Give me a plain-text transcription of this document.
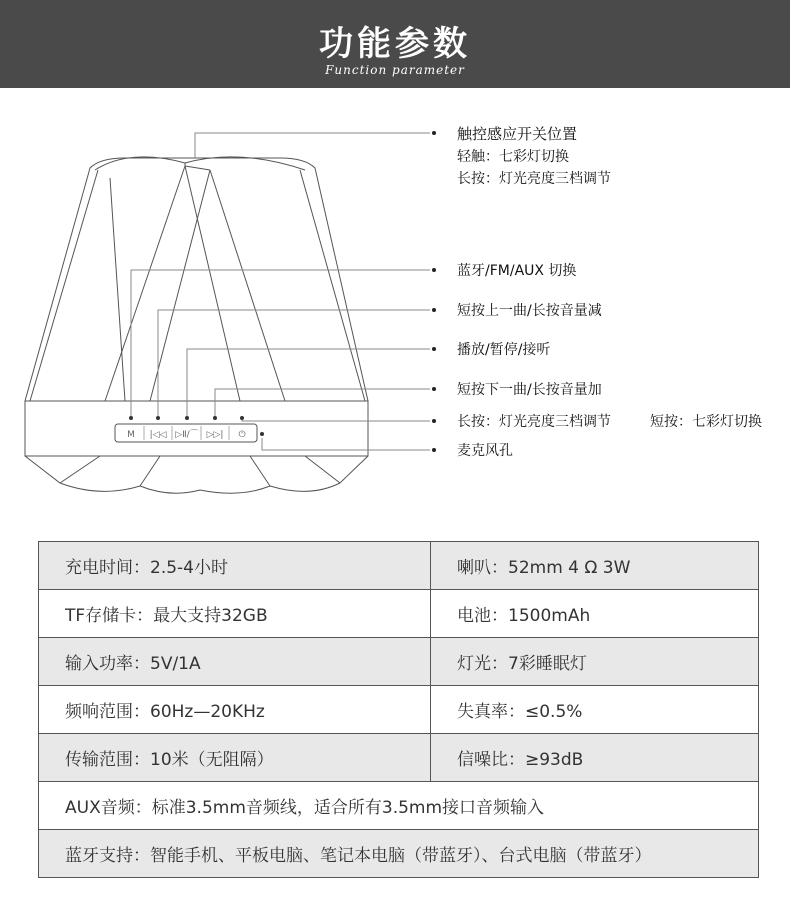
功能参数
Function parameter
M |◁◁ ▷Ⅱ/⌒ ▷▷| ⏻
触控感应开关位置
轻触：七彩灯切换
长按：灯光亮度三档调节
蓝牙/FM/AUX 切换
短按上一曲/长按音量减
播放/暂停/接听
短按下一曲/长按音量加
长按：灯光亮度三档调节	短按：七彩灯切换
麦克风孔
充电时间：2.5-4小时	喇叭：52mm 4 Ω 3W
TF存储卡：最大支持32GB	电池：1500mAh
输入功率：5V/1A	灯光：7彩睡眠灯
频响范围：60Hz—20KHz	失真率：≤0.5%
传输范围：10米（无阻隔）	信噪比：≥93dB
AUX音频：标准3.5mm音频线，适合所有3.5mm接口音频输入	
蓝牙支持：智能手机、平板电脑、笔记本电脑（带蓝牙）、台式电脑（带蓝牙）	
